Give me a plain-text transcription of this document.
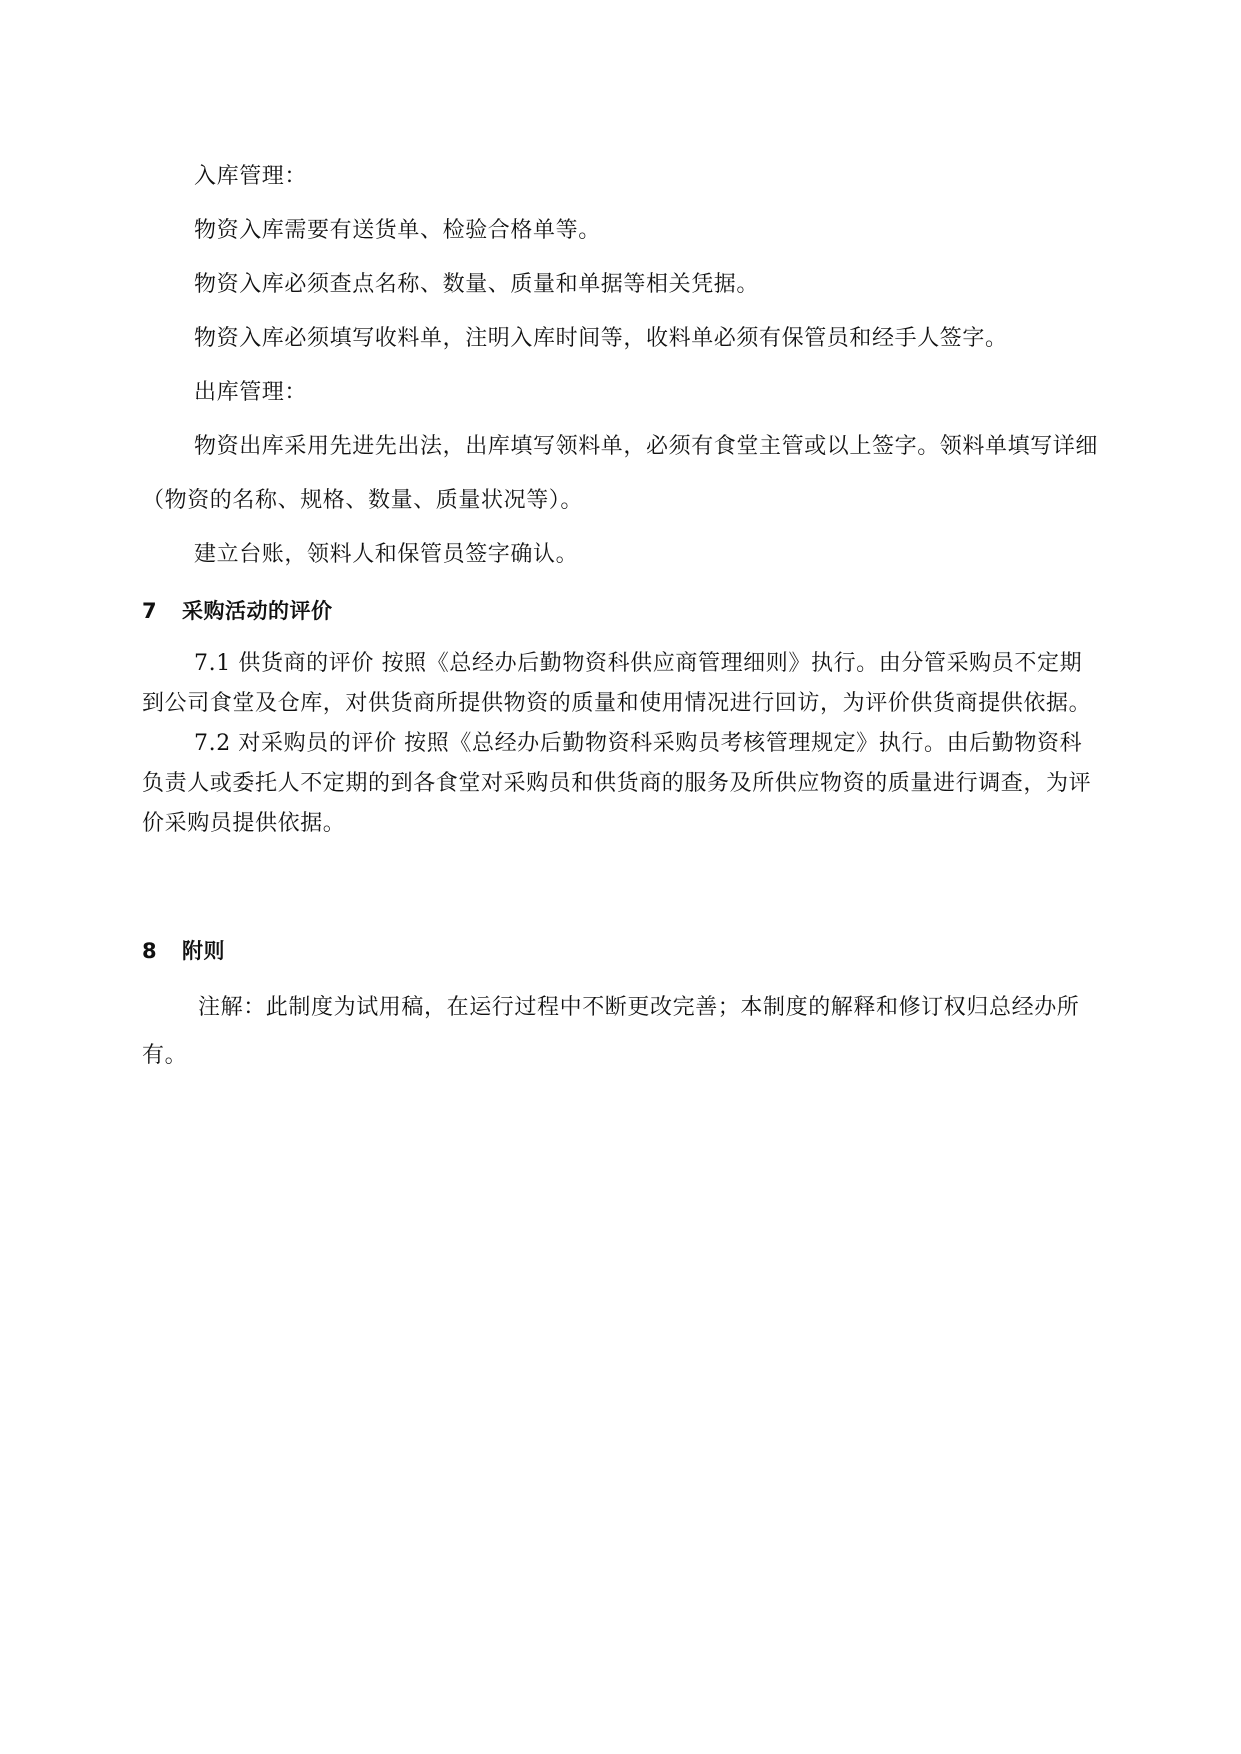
入库管理：

物资入库需要有送货单、检验合格单等。

物资入库必须查点名称、数量、质量和单据等相关凭据。

物资入库必须填写收料单，注明入库时间等，收料单必须有保管员和经手人签字。

出库管理：

物资出库采用先进先出法，出库填写领料单，必须有食堂主管或以上签字。领料单填写详细（物资的名称、规格、数量、质量状况等）。

建立台账，领料人和保管员签字确认。

7 采购活动的评价

7.1 供货商的评价 按照《总经办后勤物资科供应商管理细则》执行。由分管采购员不定期到公司食堂及仓库，对供货商所提供物资的质量和使用情况进行回访，为评价供货商提供依据。

7.2 对采购员的评价 按照《总经办后勤物资科采购员考核管理规定》执行。由后勤物资科负责人或委托人不定期的到各食堂对采购员和供货商的服务及所供应物资的质量进行调查，为评价采购员提供依据。

8 附则

注解：此制度为试用稿，在运行过程中不断更改完善；本制度的解释和修订权归总经办所有。
